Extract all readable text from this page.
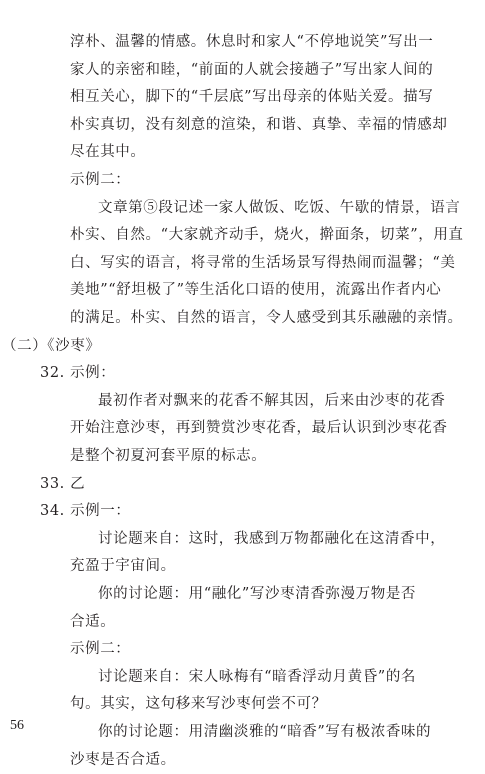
淳朴、温馨的情感。休息时和家人“不停地说笑”写出一
家人的亲密和睦，“前面的人就会接趟子”写出家人间的
相互关心，脚下的“千层底”写出母亲的体贴关爱。描写
朴实真切，没有刻意的渲染，和谐、真挚、幸福的情感却
尽在其中。
示例二：
文章第⑤段记述一家人做饭、吃饭、午歇的情景，语言
朴实、自然。“大家就齐动手，烧火，擀面条，切菜”，用直
白、写实的语言，将寻常的生活场景写得热闹而温馨；“美
美地”“舒坦极了”等生活化口语的使用，流露出作者内心
的满足。朴实、自然的语言，令人感受到其乐融融的亲情。
（二）《沙枣》
32. 示例：
最初作者对飘来的花香不解其因，后来由沙枣的花香
开始注意沙枣，再到赞赏沙枣花香，最后认识到沙枣花香
是整个初夏河套平原的标志。
33. 乙
34. 示例一：
讨论题来自：这时，我感到万物都融化在这清香中，
充盈于宇宙间。
你的讨论题：用“融化”写沙枣清香弥漫万物是否
合适。
示例二：
讨论题来自：宋人咏梅有“暗香浮动月黄昏”的名
句。其实，这句移来写沙枣何尝不可？
你的讨论题：用清幽淡雅的“暗香”写有极浓香味的
沙枣是否合适。
56
